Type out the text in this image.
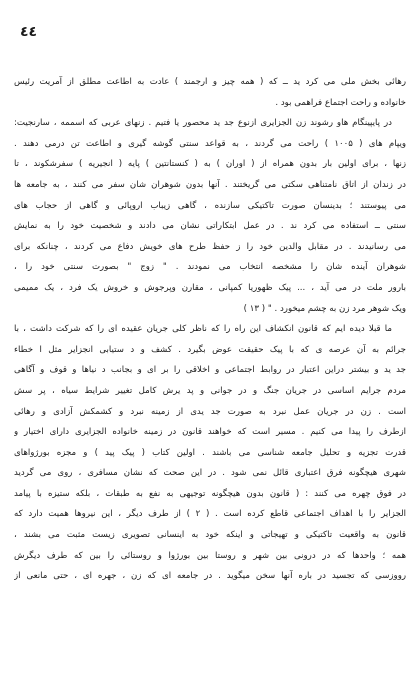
٤٤
رهائی بخش ملی می کرد ید ــ که ( همه چیز و ارجمند ) عادت به اطاعت مطلق از آمریت رئیس
خانواده و راحت اجتماع فراهمی بود .
در پایپینگام هاو رشوند زن الجزایری ازنوع جد ید محصور یا فتیم . زنهای عربی که اسممه ، سارنجیت:
ویپام های ( ۱۰۰۵ ) راحت می گردند ، به قواعد سنتی گوشه گیری و اطاعت تن درمی دهند .
زنها ، برای اولین بار بدون همراه از ( اوران ) به ( کنستانتین ) پایه ( انجیریه ) سفرشکوند ، تا
در زندان از اتاق نامتناهی سکتی می گریختند . آنها بدون شوهران شان سفر می کنند ، به جامعه ها
می پیوستند ؛ بدینسان صورت تاکتیکی سازنده ، گاهی زیباب اروپائی و گاهی از حجاب های
سنتی ــ استفاده می کرد ند . در عمل ابتکاراتی نشان می دادند و شخصیت خود را به نمایش
می رسانیدند . در مقابل والدین خود را ز حفظ طرح های خویش دفاع می کردند ، چنانکه برای
شوهران آینده شان را مشخصه انتخاب می نمودند . " زوج " بصورت سنتی خود را ،
بارور ملت در می آید ، ... پیک ظهوریا کمپانی ، مقارن وپرجوش و خروش یک فرد ، یک ممیمی
ویک شوهر مرد زن به چشم میخورد . " ( ١٣ )
ما قبلا دیده ایم که قانون انکشاف این راه را که ناظر کلی جریان عقیده ای را که شرکت داشت ، با
جرائم به آن عرصه ی که با پیک حقیقت عوض بگیرد . کشف و د ستیابی انجزایر مثل ا خطاء
جد ید و بیشتر دراین اعتبار در روابط اجتماعی و اخلاقی را بر ای و بجانب د نیاها و قوف و آگاهی
مردم جرایم اساسی در جریان جنگ و در جوانی و پد یرش کامل تغییر شرایط سیاه ، پر سش
است . زن در جریان عمل نبرد به صورت جد یدی از زمینه نبرد و کشمکش آزادی و رهائی
ازطرف را پیدا می کنیم . مسیر است که خواهند قانون در زمینه خانواده الجزایری دارای اختیار و
قدرت تجزیه و تحلیل جامعه شناسی می باشند . اولین کتاب ( پیک پید ) و مجزه بورژواهای
شهری هیچگونه فرق اعتباری قائل نمی شود . در این صحت که نشان مسافری ، روی می گردید
در فوق چهره می کنند : ( قانون بدون هیچگونه توجیهی به نفع به طبقات ، بلکه ستیزه با پیامد
الجزایر را با اهداف اجتماعی قاطع کرده است . ( ۲ ) از طرف دیگر ، این نیروها همیت دارد که
قانون به واقعیت تاکتیکی و تهیجاتی و اینکه خود به اینسانی تصویری زیست مثبت می بشند ،
همه ؛ واحدها که در درونی بین شهر و روستا بین بورژوا و روستائی را بین که طرف دیگرش
رووزسی که تجسید در باره آنها سخن میگوید . در جامعه ای که زن ، جهره ای ، حتی مانعی از
